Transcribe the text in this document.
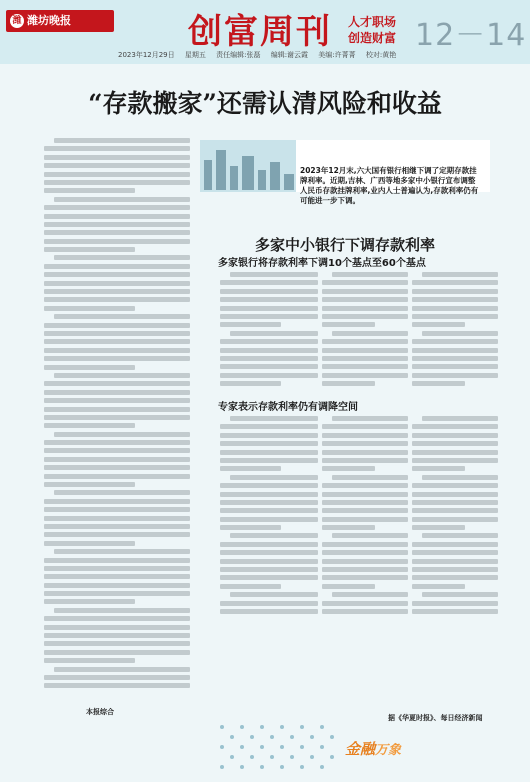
潍 潍坊晚报	创富周刊 人才职场
创造财富 12－14
2023年12月29日 星期五 责任编辑:张磊 编辑:谢云霞 美编:许菁菁 校对:黄艳
“存款搬家”还需认清风险和收益
本报综合
2023年12月末,六大国有银行相继下调了定期存款挂牌利率。近期,吉林、广西等地多家中小银行宣布调整人民币存款挂牌利率,业内人士普遍认为,存款利率仍有可能进一步下调。
多家中小银行下调存款利率
多家银行将存款利率下调10个基点至60个基点
专家表示存款利率仍有调降空间
据《华夏时报》、每日经济新闻
金融万象
